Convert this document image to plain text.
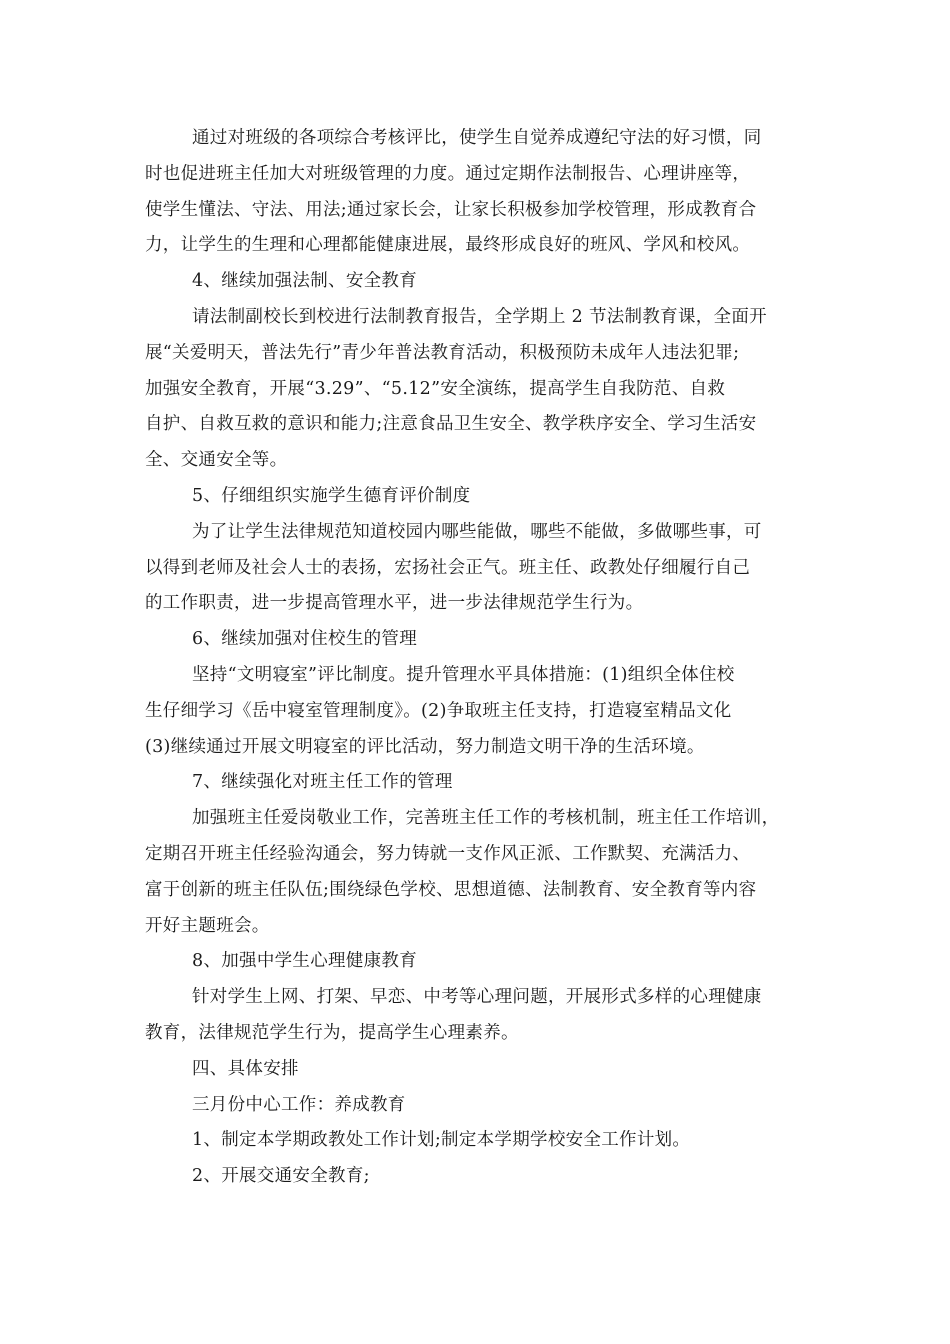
通过对班级的各项综合考核评比，使学生自觉养成遵纪守法的好习惯，同
时也促进班主任加大对班级管理的力度。通过定期作法制报告、心理讲座等，
使学生懂法、守法、用法;通过家长会，让家长积极参加学校管理，形成教育合
力，让学生的生理和心理都能健康进展，最终形成良好的班风、学风和校风。
4、继续加强法制、安全教育
请法制副校长到校进行法制教育报告，全学期上 2 节法制教育课，全面开
展“关爱明天，普法先行”青少年普法教育活动，积极预防未成年人违法犯罪;
加强安全教育，开展“3.29”、“5.12”安全演练，提高学生自我防范、自救
自护、自救互救的意识和能力;注意食品卫生安全、教学秩序安全、学习生活安
全、交通安全等。
5、仔细组织实施学生德育评价制度
为了让学生法律规范知道校园内哪些能做，哪些不能做，多做哪些事，可
以得到老师及社会人士的表扬，宏扬社会正气。班主任、政教处仔细履行自己
的工作职责，进一步提高管理水平，进一步法律规范学生行为。
6、继续加强对住校生的管理
坚持“文明寝室”评比制度。提升管理水平具体措施：(1)组织全体住校
生仔细学习《岳中寝室管理制度》。(2)争取班主任支持，打造寝室精品文化
(3)继续通过开展文明寝室的评比活动，努力制造文明干净的生活环境。
7、继续强化对班主任工作的管理
加强班主任爱岗敬业工作，完善班主任工作的考核机制，班主任工作培训，
定期召开班主任经验沟通会，努力铸就一支作风正派、工作默契、充满活力、
富于创新的班主任队伍;围绕绿色学校、思想道德、法制教育、安全教育等内容
开好主题班会。
8、加强中学生心理健康教育
针对学生上网、打架、早恋、中考等心理问题，开展形式多样的心理健康
教育，法律规范学生行为，提高学生心理素养。
四、具体安排
三月份中心工作：养成教育
1、制定本学期政教处工作计划;制定本学期学校安全工作计划。
2、开展交通安全教育;
